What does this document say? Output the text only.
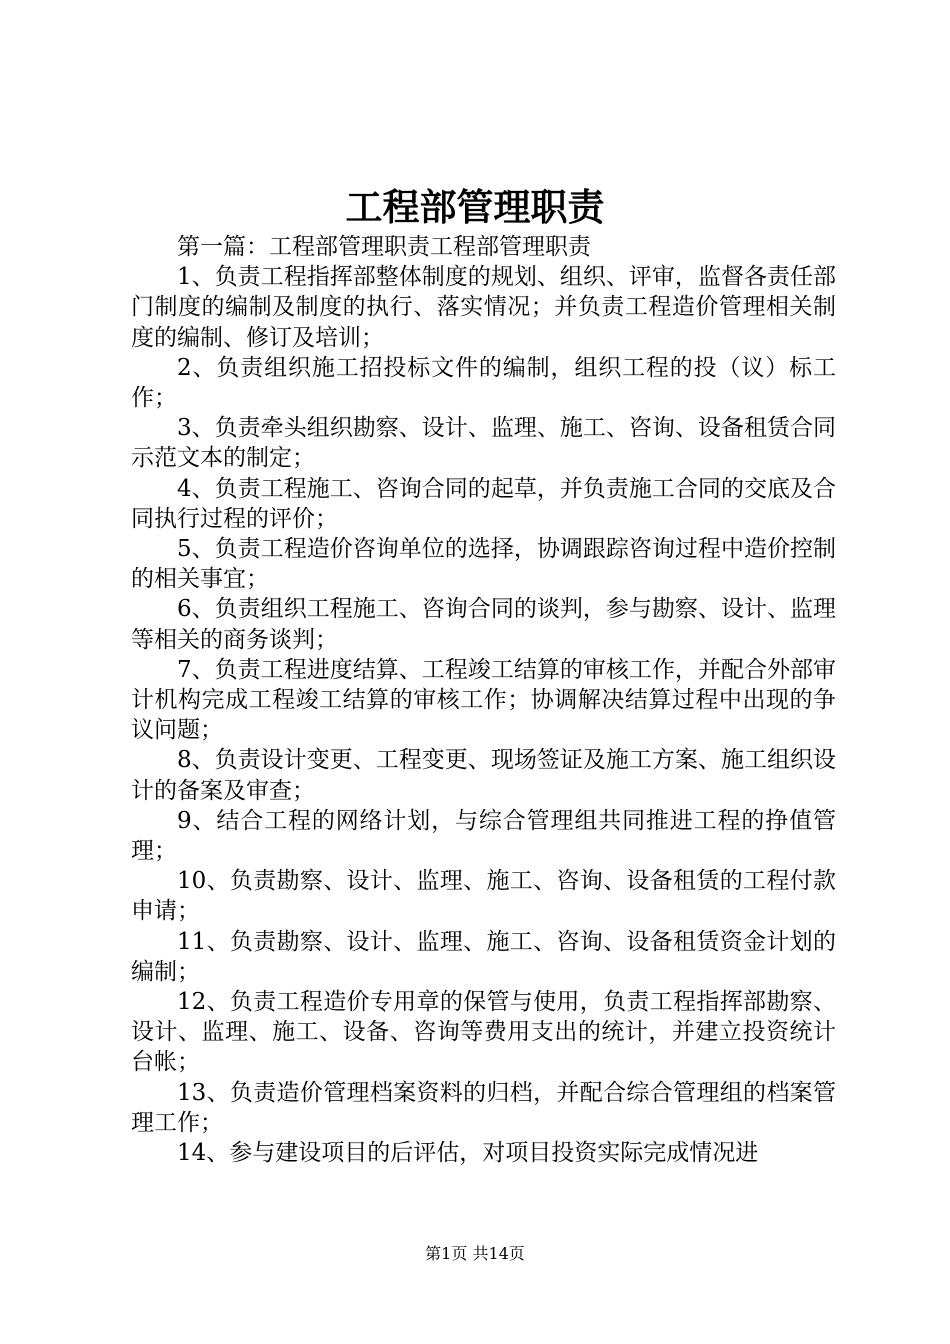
工程部管理职责

第一篇：工程部管理职责工程部管理职责

1、负责工程指挥部整体制度的规划、组织、评审，监督各责任部门制度的编制及制度的执行、落实情况；并负责工程造价管理相关制度的编制、修订及培训；

2、负责组织施工招投标文件的编制，组织工程的投（议）标工作；

3、负责牵头组织勘察、设计、监理、施工、咨询、设备租赁合同示范文本的制定；

4、负责工程施工、咨询合同的起草，并负责施工合同的交底及合同执行过程的评价；

5、负责工程造价咨询单位的选择，协调跟踪咨询过程中造价控制的相关事宜；

6、负责组织工程施工、咨询合同的谈判，参与勘察、设计、监理等相关的商务谈判；

7、负责工程进度结算、工程竣工结算的审核工作，并配合外部审计机构完成工程竣工结算的审核工作；协调解决结算过程中出现的争议问题；

8、负责设计变更、工程变更、现场签证及施工方案、施工组织设计的备案及审查；

9、结合工程的网络计划，与综合管理组共同推进工程的挣值管理；

10、负责勘察、设计、监理、施工、咨询、设备租赁的工程付款申请；

11、负责勘察、设计、监理、施工、咨询、设备租赁资金计划的编制；

12、负责工程造价专用章的保管与使用，负责工程指挥部勘察、设计、监理、施工、设备、咨询等费用支出的统计，并建立投资统计台帐；

13、负责造价管理档案资料的归档，并配合综合管理组的档案管理工作；

14、参与建设项目的后评估，对项目投资实际完成情况进

第1页 共14页
